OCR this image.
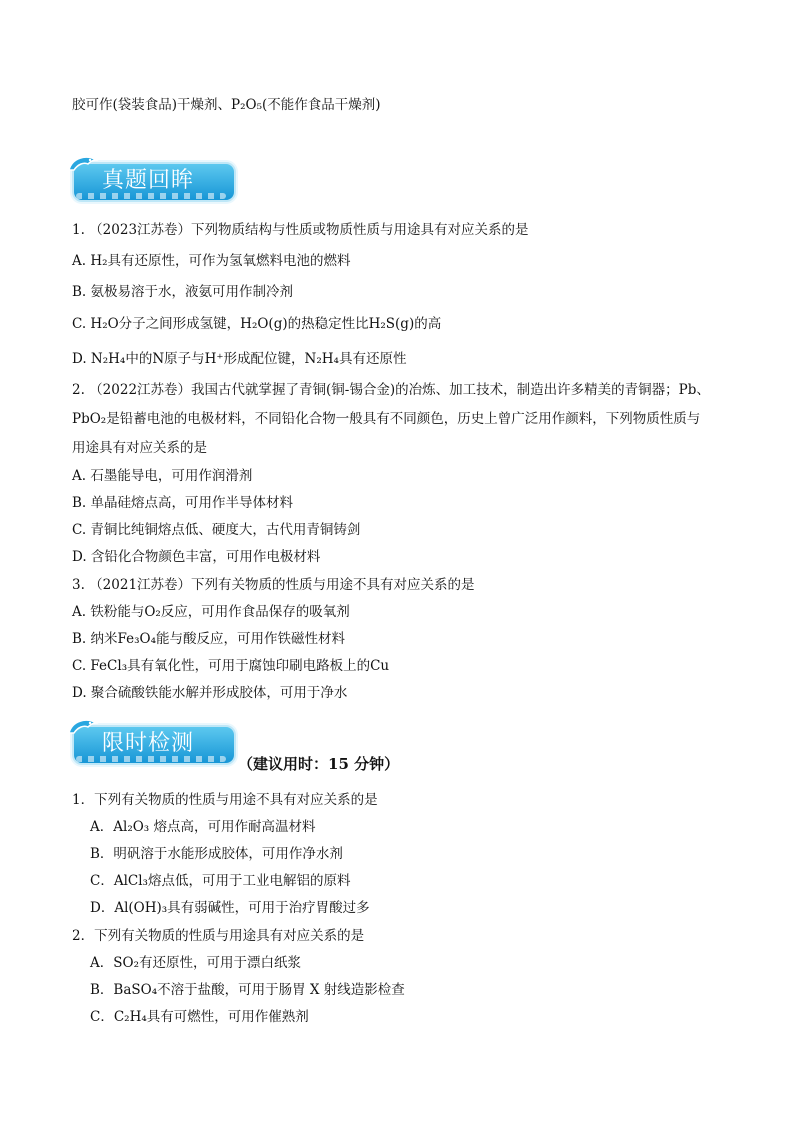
胶可作(袋装食品)干燥剂、P₂O₅(不能作食品干燥剂)
真题回眸
1. （2023江苏卷）下列物质结构与性质或物质性质与用途具有对应关系的是
A. H₂具有还原性，可作为氢氧燃料电池的燃料
B. 氨极易溶于水，液氨可用作制冷剂
C. H₂O分子之间形成氢键，H₂O(g)的热稳定性比H₂S(g)的高
D. N₂H₄中的N原子与H⁺形成配位键，N₂H₄具有还原性
2. （2022江苏卷）我国古代就掌握了青铜(铜-锡合金)的冶炼、加工技术，制造出许多精美的青铜器；Pb、
PbO₂是铅蓄电池的电极材料，不同铅化合物一般具有不同颜色，历史上曾广泛用作颜料，下列物质性质与
用途具有对应关系的是
A. 石墨能导电，可用作润滑剂
B. 单晶硅熔点高，可用作半导体材料
C. 青铜比纯铜熔点低、硬度大，古代用青铜铸剑
D. 含铅化合物颜色丰富，可用作电极材料
3. （2021江苏卷）下列有关物质的性质与用途不具有对应关系的是
A. 铁粉能与O₂反应，可用作食品保存的吸氧剂
B. 纳米Fe₃O₄能与酸反应，可用作铁磁性材料
C. FeCl₃具有氧化性，可用于腐蚀印刷电路板上的Cu
D. 聚合硫酸铁能水解并形成胶体，可用于净水
限时检测
（建议用时：15 分钟）
1．下列有关物质的性质与用途不具有对应关系的是
A．Al₂O₃ 熔点高，可用作耐高温材料
B．明矾溶于水能形成胶体，可用作净水剂
C．AlCl₃熔点低，可用于工业电解铝的原料
D．Al(OH)₃具有弱碱性，可用于治疗胃酸过多
2．下列有关物质的性质与用途具有对应关系的是
A．SO₂有还原性，可用于漂白纸浆
B．BaSO₄不溶于盐酸，可用于肠胃 X 射线造影检查
C．C₂H₄具有可燃性，可用作催熟剂
